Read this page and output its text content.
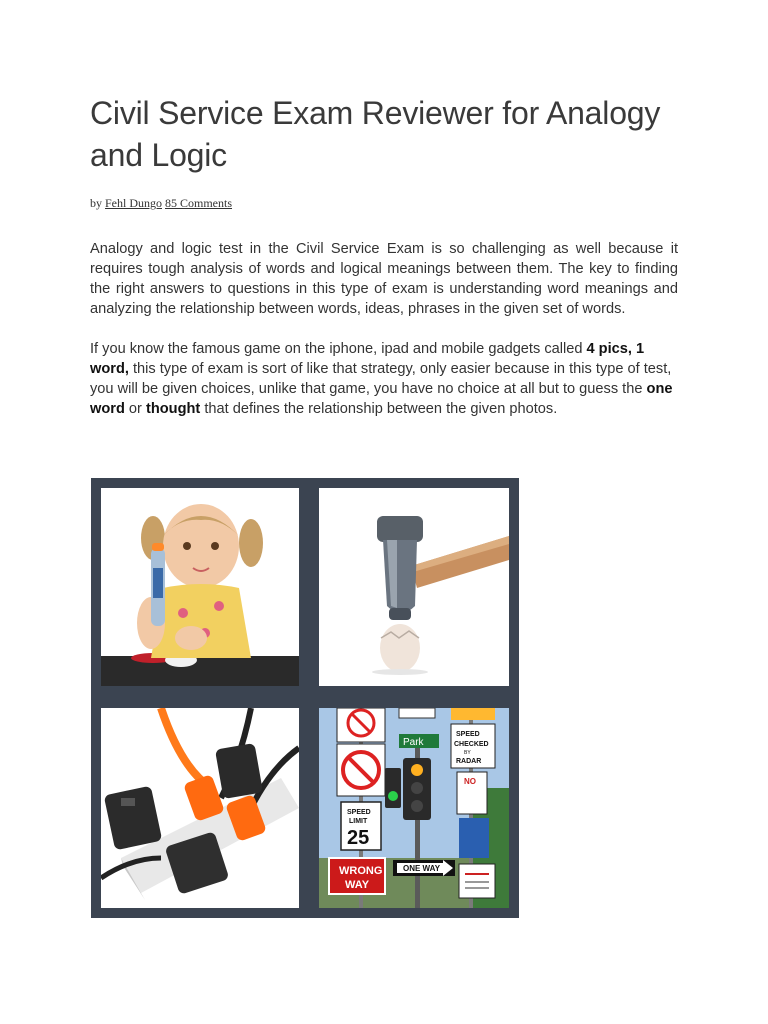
Civil Service Exam Reviewer for Analogy and Logic
by Fehl Dungo 85 Comments

Analogy and logic test in the Civil Service Exam is so challenging as well because it requires tough analysis of words and logical meanings between them. The key to finding the right answers to questions in this type of exam is understanding word meanings and analyzing the relationship between words, ideas, phrases in the given set of words.

If you know the famous game on the iphone, ipad and mobile gadgets called 4 pics, 1 word, this type of exam is sort of like that strategy, only easier because in this type of test, you will be given choices, unlike that game, you have no choice at all but to guess the one word or thought that defines the relationship between the given photos.

Park
SPEED
CHECKED
BY
RADAR
NO
SPEED
LIMIT
25
WRONG
WAY
ONE WAY
